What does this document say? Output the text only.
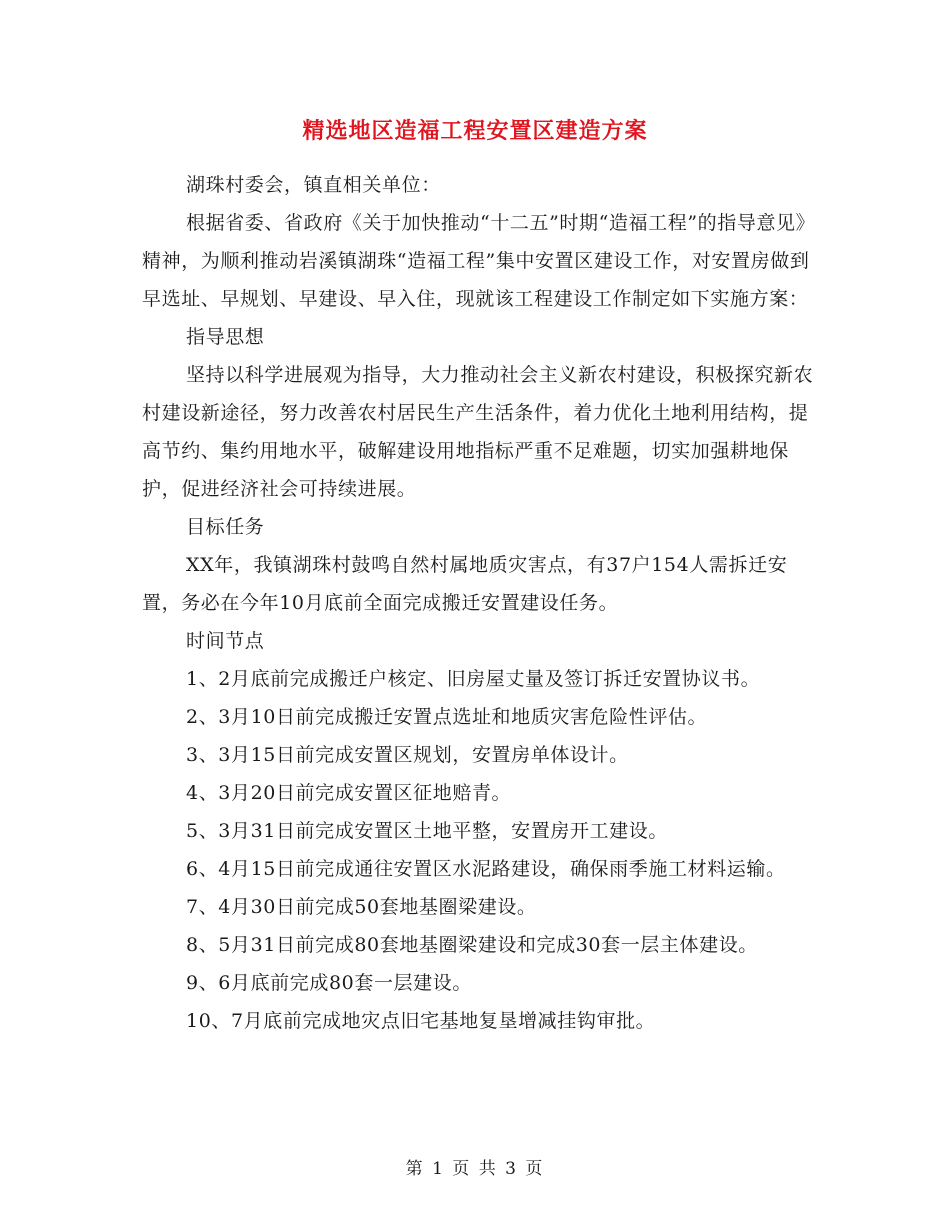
精选地区造福工程安置区建造方案

湖珠村委会，镇直相关单位：

根据省委、省政府《关于加快推动“十二五”时期“造福工程”的指导意见》精神，为顺利推动岩溪镇湖珠“造福工程”集中安置区建设工作，对安置房做到早选址、早规划、早建设、早入住，现就该工程建设工作制定如下实施方案：

指导思想

坚持以科学进展观为指导，大力推动社会主义新农村建设，积极探究新农村建设新途径，努力改善农村居民生产生活条件，着力优化土地利用结构，提高节约、集约用地水平，破解建设用地指标严重不足难题，切实加强耕地保护，促进经济社会可持续进展。

目标任务

XX年，我镇湖珠村鼓鸣自然村属地质灾害点，有37户154人需拆迁安置，务必在今年10月底前全面完成搬迁安置建设任务。

时间节点

1、2月底前完成搬迁户核定、旧房屋丈量及签订拆迁安置协议书。

2、3月10日前完成搬迁安置点选址和地质灾害危险性评估。

3、3月15日前完成安置区规划，安置房单体设计。

4、3月20日前完成安置区征地赔青。

5、3月31日前完成安置区土地平整，安置房开工建设。

6、4月15日前完成通往安置区水泥路建设，确保雨季施工材料运输。

7、4月30日前完成50套地基圈梁建设。

8、5月31日前完成80套地基圈梁建设和完成30套一层主体建设。

9、6月底前完成80套一层建设。

10、7月底前完成地灾点旧宅基地复垦增减挂钩审批。

第 1 页 共 3 页
